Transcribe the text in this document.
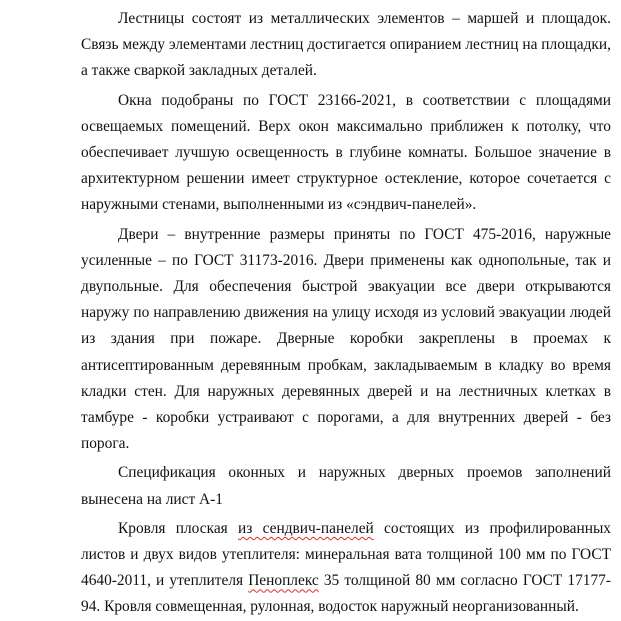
Лестницы состоят из металлических элементов – маршей и площадок. Связь между элементами лестниц достигается опиранием лестниц на площадки, а также сваркой закладных деталей.

Окна подобраны по ГОСТ 23166-2021, в соответствии с площадями освещаемых помещений. Верх окон максимально приближен к потолку, что обеспечивает лучшую освещенность в глубине комнаты. Большое значение в архитектурном решении имеет структурное остекление, которое сочетается с наружными стенами, выполненными из «сэндвич-панелей».

Двери – внутренние размеры приняты по ГОСТ 475-2016, наружные усиленные – по ГОСТ 31173-2016. Двери применены как однопольные, так и двупольные. Для обеспечения быстрой эвакуации все двери открываются наружу по направлению движения на улицу исходя из условий эвакуации людей из здания при пожаре. Дверные коробки закреплены в проемах к антисептированным деревянным пробкам, закладываемым в кладку во время кладки стен. Для наружных деревянных дверей и на лестничных клетках в тамбуре - коробки устраивают с порогами, а для внутренних дверей - без порога.

Спецификация оконных и наружных дверных проемов заполнений вынесена на лист А-1

Кровля плоская из сендвич-панелей состоящих из профилированных листов и двух видов утеплителя: минеральная вата толщиной 100 мм по ГОСТ 4640-2011, и утеплителя Пеноплекс 35 толщиной 80 мм согласно ГОСТ 17177-94. Кровля совмещенная, рулонная, водосток наружный неорганизованный.
